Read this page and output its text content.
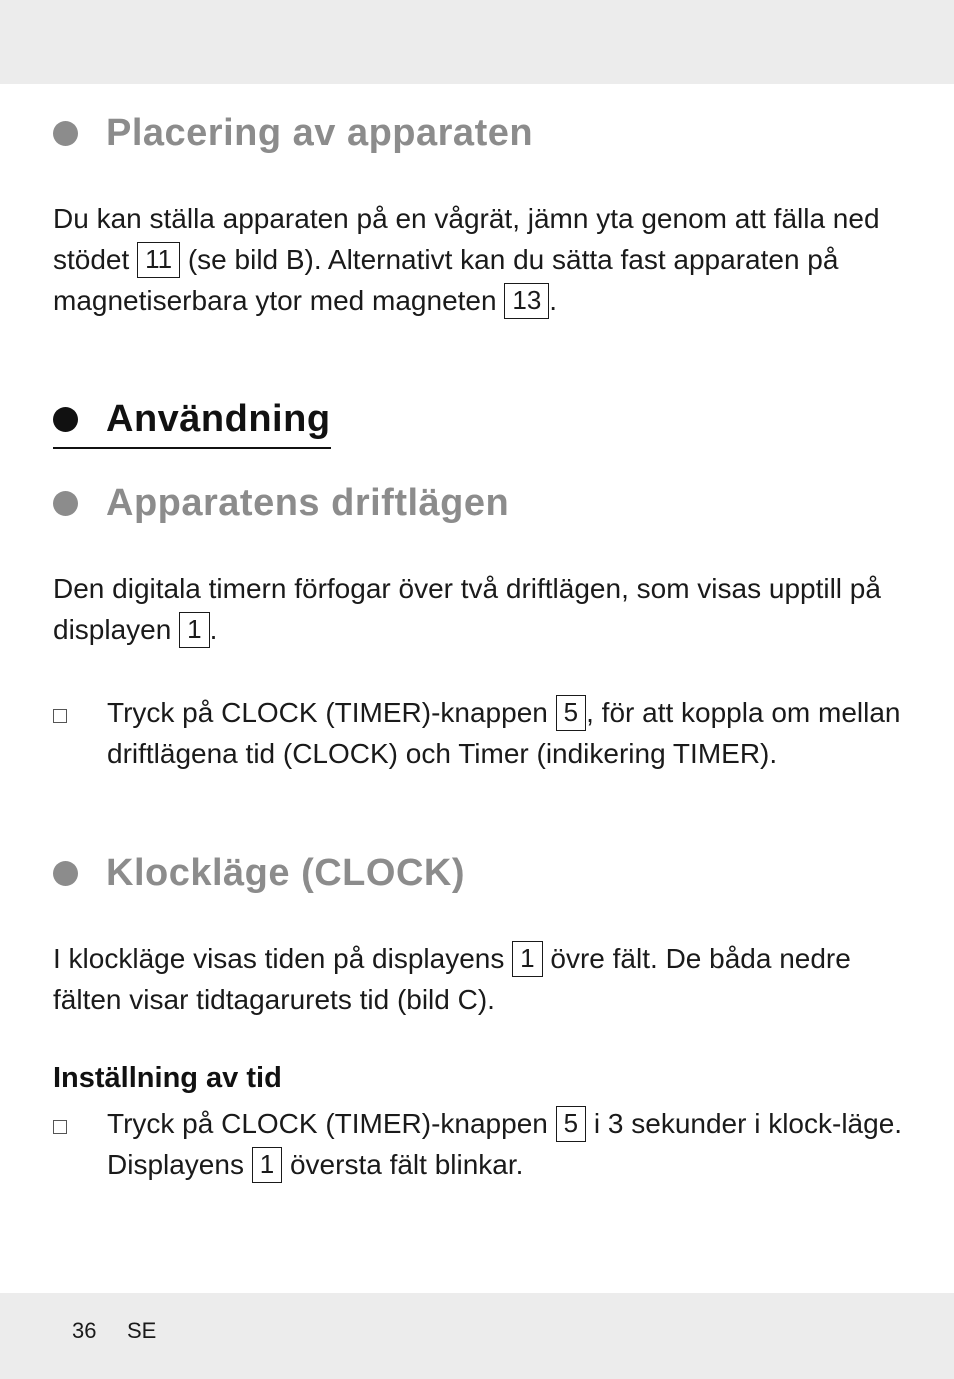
Placering av apparaten

Du kan ställa apparaten på en vågrät, jämn yta genom att fälla ned stödet 11 (se bild B). Alternativt kan du sätta fast apparaten på magnetiserbara ytor med magneten 13 .

Användning
Apparatens driftlägen

Den digitala timern förfogar över två driftlägen, som visas upptill på displayen 1 .

Tryck på CLOCK (TIMER)-knappen 5 , för att koppla om mellan driftlägena tid (CLOCK) och Timer (indikering TIMER).
Klockläge (CLOCK)

I klockläge visas tiden på displayens 1 övre fält. De båda nedre fälten visar tidtagarurets tid (bild C).

Inställning av tid
Tryck på CLOCK (TIMER)-knappen 5 i 3 sekunder i klock-läge. Displayens 1 översta fält blinkar.
36 SE
